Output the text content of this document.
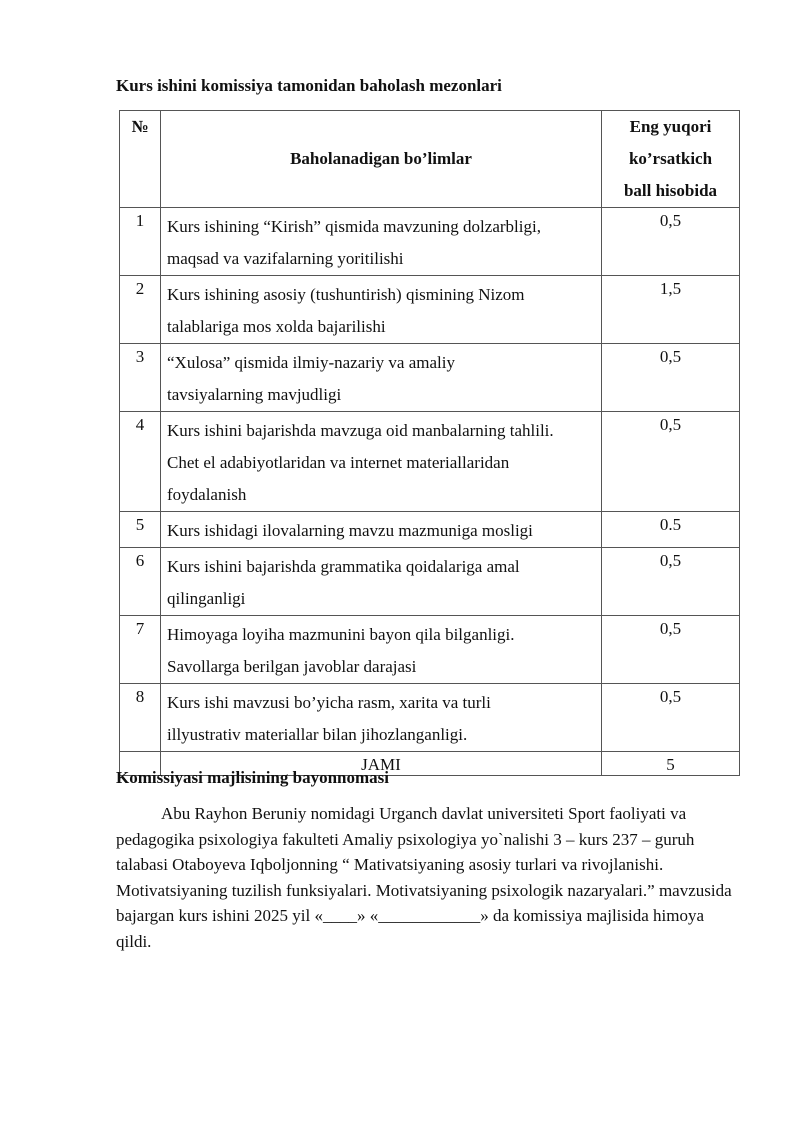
Kurs ishini komissiya tamonidan baholash mezonlari

№	Baholanadigan bo’limlar	Eng yuqori
ko’rsatkich
ball hisobida

1	Kurs ishining “Kirish” qismida mavzuning dolzarbligi,
maqsad va vazifalarning yoritilishi	0,5
2	Kurs ishining asosiy (tushuntirish) qismining Nizom
talablariga mos xolda bajarilishi	1,5
3	“Xulosa” qismida ilmiy-nazariy va amaliy
tavsiyalarning mavjudligi	0,5
4	Kurs ishini bajarishda mavzuga oid manbalarning tahlili.
Chet el adabiyotlaridan va internet materiallaridan
foydalanish	0,5
5	Kurs ishidagi ilovalarning mavzu mazmuniga mosligi	0.5
6	Kurs ishini bajarishda grammatika qoidalariga amal
qilinganligi	0,5
7	Himoyaga loyiha mazmunini bayon qila bilganligi.
Savollarga berilgan javoblar darajasi	0,5
8	Kurs ishi mavzusi bo’yicha rasm, xarita va turli
illyustrativ materiallar bilan jihozlanganligi.	0,5
	JAMI	5

Komissiyasi majlisining bayonnomasi

Abu Rayhon Beruniy nomidagi Urganch davlat universiteti Sport faoliyati va pedagogika psixologiya fakulteti Amaliy psixologiya yo`nalishi 3 – kurs 237 – guruh talabasi Otaboyeva Iqboljonning “ Mativatsiyaning asosiy turlari va rivojlanishi. Motivatsiyaning tuzilish funksiyalari. Motivatsiyaning psixologik nazaryalari.” mavzusida bajargan kurs ishini 2025 yil «____» «____________» da komissiya majlisida himoya qildi.
